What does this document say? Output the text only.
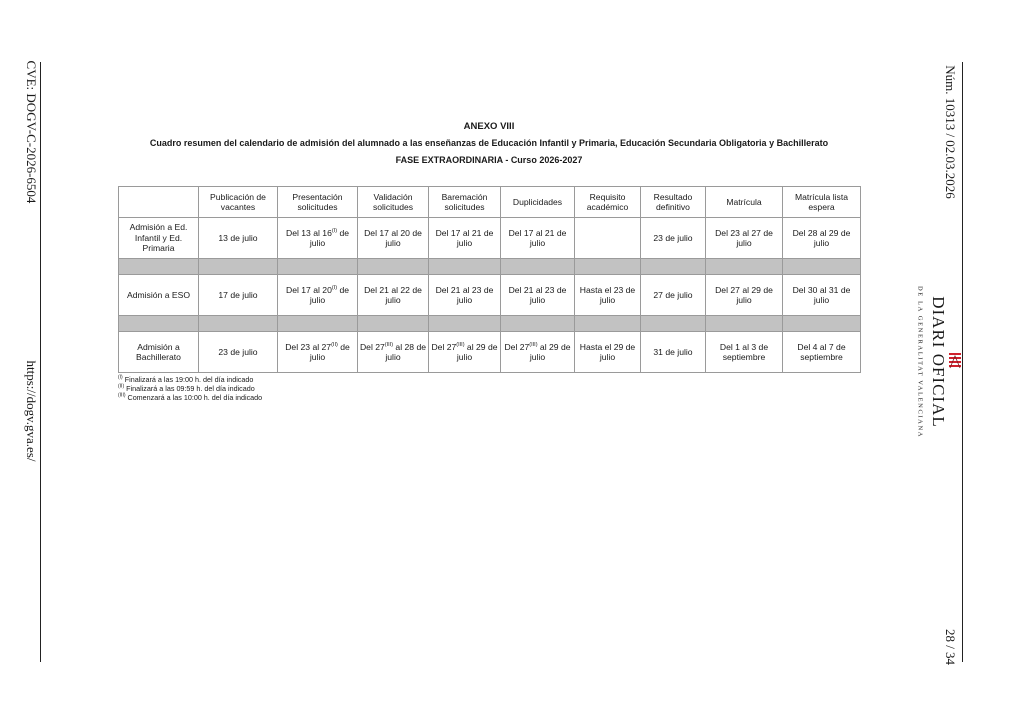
CVE: DOGV-C-2026-6504
https://dogv.gva.es/
Núm. 10313 / 02.03.2026
28 / 34
DE LA GENERALITAT VALENCIANA DIARI OFICIAL
ANEXO VIII
Cuadro resumen del calendario de admisión del alumnado a las enseñanzas de Educación Infantil y Primaria, Educación Secundaria Obligatoria y Bachillerato
FASE EXTRAORDINARIA - Curso 2026-2027
	Publicación de vacantes	Presentación solicitudes	Validación solicitudes	Baremación solicitudes	Duplicidades	Requisito académico	Resultado definitivo	Matrícula	Matrícula lista espera
Admisión a Ed. Infantil y Ed. Primaria	13 de julio	Del 13 al $16^{(I)}$ de julio	Del 17 al 20 de julio	Del 17 al 21 de julio	Del 17 al 21 de julio		23 de julio	Del 23 al 27 de julio	Del 28 al 29 de julio

Admisión a ESO	17 de julio	Del 17 al $20^{(I)}$ de julio	Del 21 al 22 de julio	Del 21 al 23 de julio	Del 21 al 23 de julio	Hasta el 23 de julio	27 de julio	Del 27 al 29 de julio	Del 30 al 31 de julio

Admisión a Bachillerato	23 de julio	Del 23 al $27^{(II)}$ de julio	Del $27^{(III)}$ al 28 de julio	Del $27^{(III)}$ al 29 de julio	Del $27^{(III)}$ al 29 de julio	Hasta el 29 de julio	31 de julio	Del 1 al 3 de septiembre	Del 4 al 7 de septiembre
$^{(I)}$ Finalizará a las 19:00 h. del día indicado
$^{(II)}$ Finalizará a las 09:59 h. del día indicado
$^{(III)}$ Comenzará a las 10:00 h. del día indicado
